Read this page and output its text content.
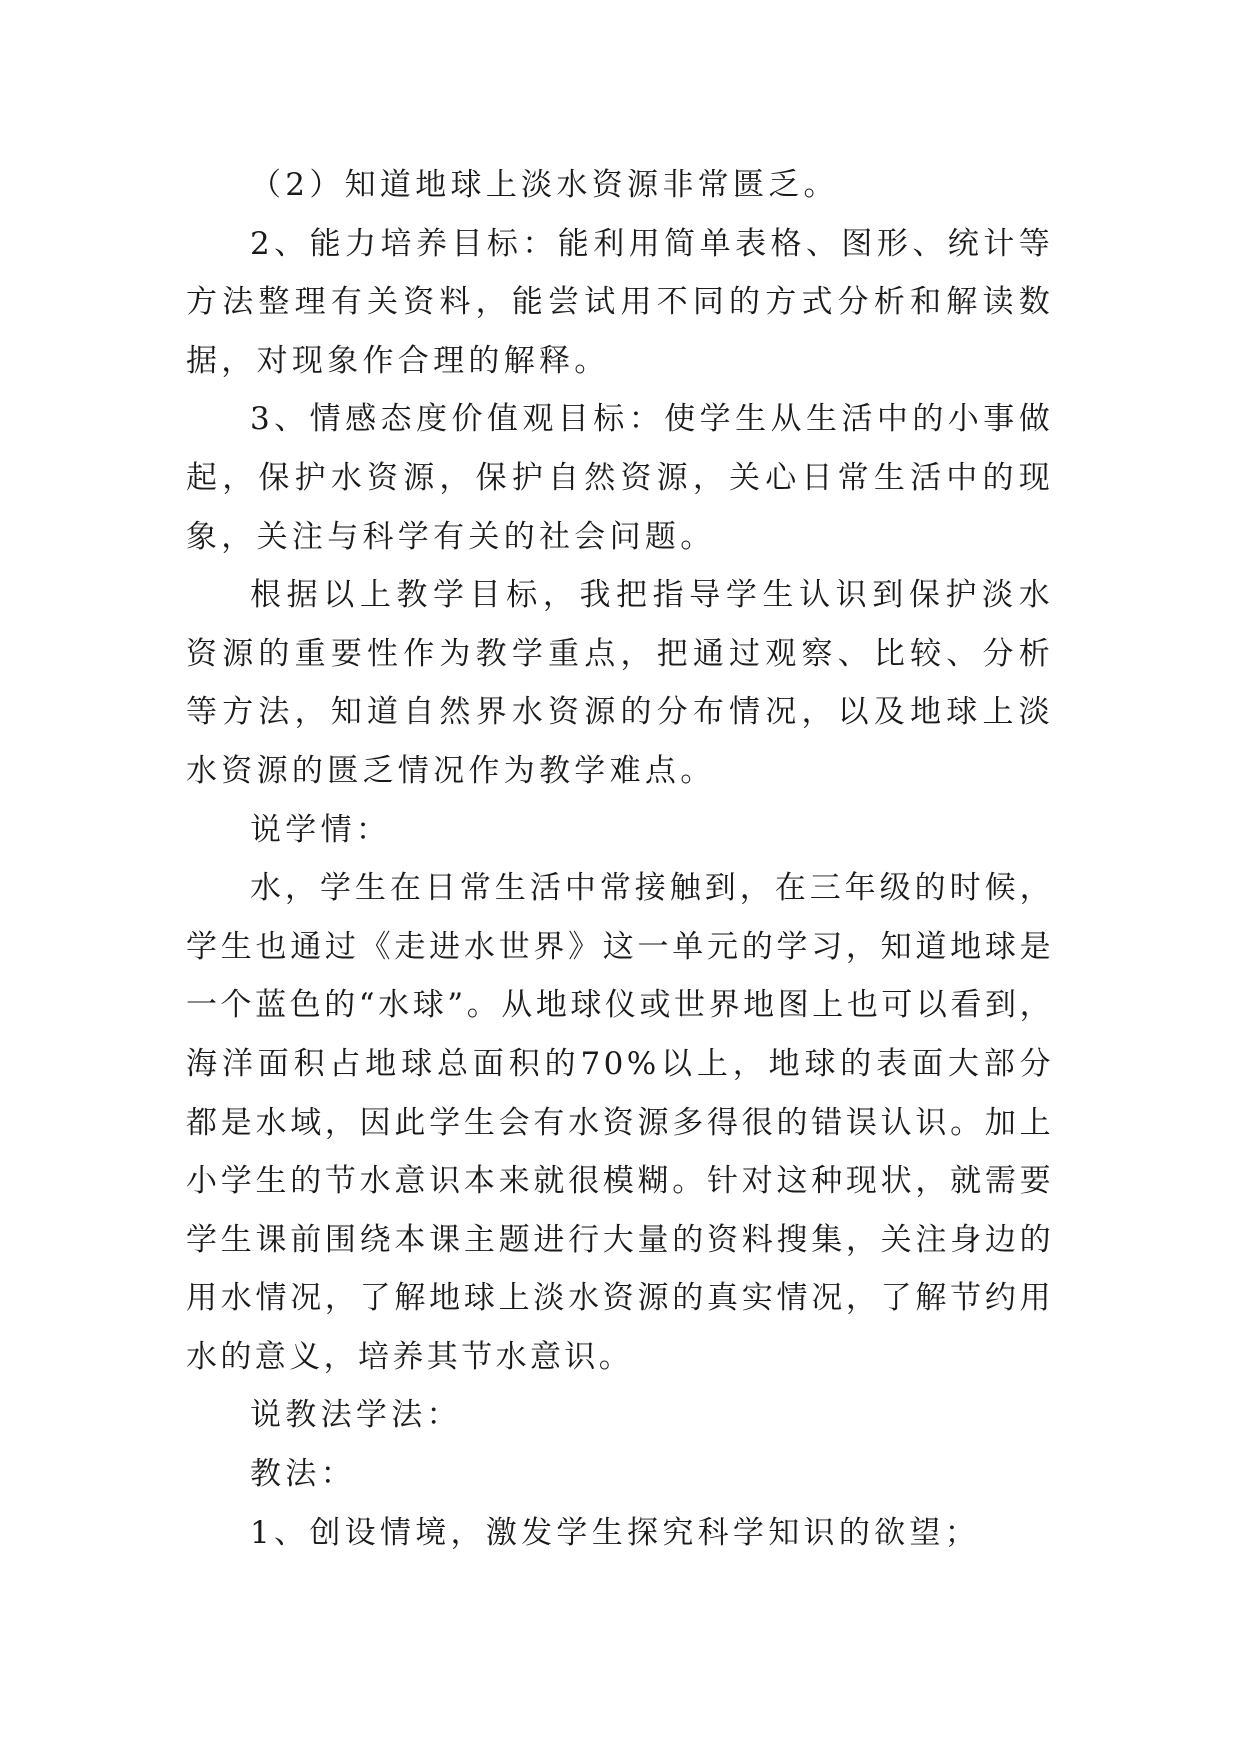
（2）知道地球上淡水资源非常匮乏。

2、能力培养目标：能利用简单表格、图形、统计等方法整理有关资料，能尝试用不同的方式分析和解读数据，对现象作合理的解释。

3、情感态度价值观目标：使学生从生活中的小事做起，保护水资源，保护自然资源，关心日常生活中的现象，关注与科学有关的社会问题。

根据以上教学目标，我把指导学生认识到保护淡水资源的重要性作为教学重点，把通过观察、比较、分析等方法，知道自然界水资源的分布情况，以及地球上淡水资源的匮乏情况作为教学难点。

说学情：

水，学生在日常生活中常接触到，在三年级的时候，学生也通过《走进水世界》这一单元的学习，知道地球是一个蓝色的“水球”。从地球仪或世界地图上也可以看到，海洋面积占地球总面积的70%以上，地球的表面大部分都是水域，因此学生会有水资源多得很的错误认识。加上小学生的节水意识本来就很模糊。针对这种现状，就需要学生课前围绕本课主题进行大量的资料搜集，关注身边的用水情况，了解地球上淡水资源的真实情况，了解节约用水的意义，培养其节水意识。

说教法学法：

教法：

1、创设情境，激发学生探究科学知识的欲望；
